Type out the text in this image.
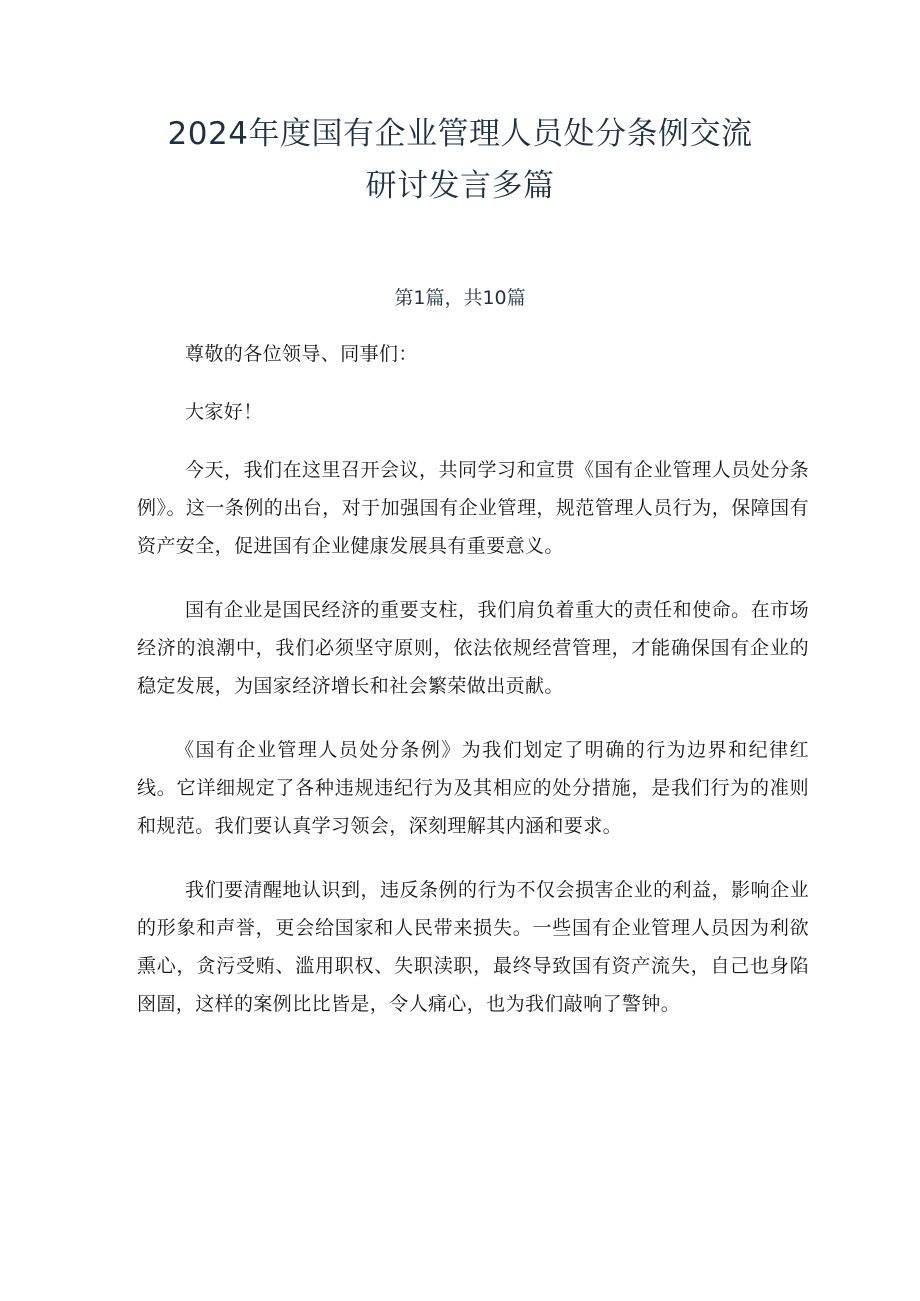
2024年度国有企业管理人员处分条例交流
研讨发言多篇

第1篇，共10篇

尊敬的各位领导、同事们：

大家好！

今天，我们在这里召开会议，共同学习和宣贯《国有企业管理人员处分条例》。这一条例的出台，对于加强国有企业管理，规范管理人员行为，保障国有资产安全，促进国有企业健康发展具有重要意义。

国有企业是国民经济的重要支柱，我们肩负着重大的责任和使命。在市场经济的浪潮中，我们必须坚守原则，依法依规经营管理，才能确保国有企业的稳定发展，为国家经济增长和社会繁荣做出贡献。

《国有企业管理人员处分条例》为我们划定了明确的行为边界和纪律红线。它详细规定了各种违规违纪行为及其相应的处分措施，是我们行为的准则和规范。我们要认真学习领会，深刻理解其内涵和要求。

我们要清醒地认识到，违反条例的行为不仅会损害企业的利益，影响企业的形象和声誉，更会给国家和人民带来损失。一些国有企业管理人员因为利欲熏心，贪污受贿、滥用职权、失职渎职，最终导致国有资产流失，自己也身陷囹圄，这样的案例比比皆是，令人痛心，也为我们敲响了警钟。
